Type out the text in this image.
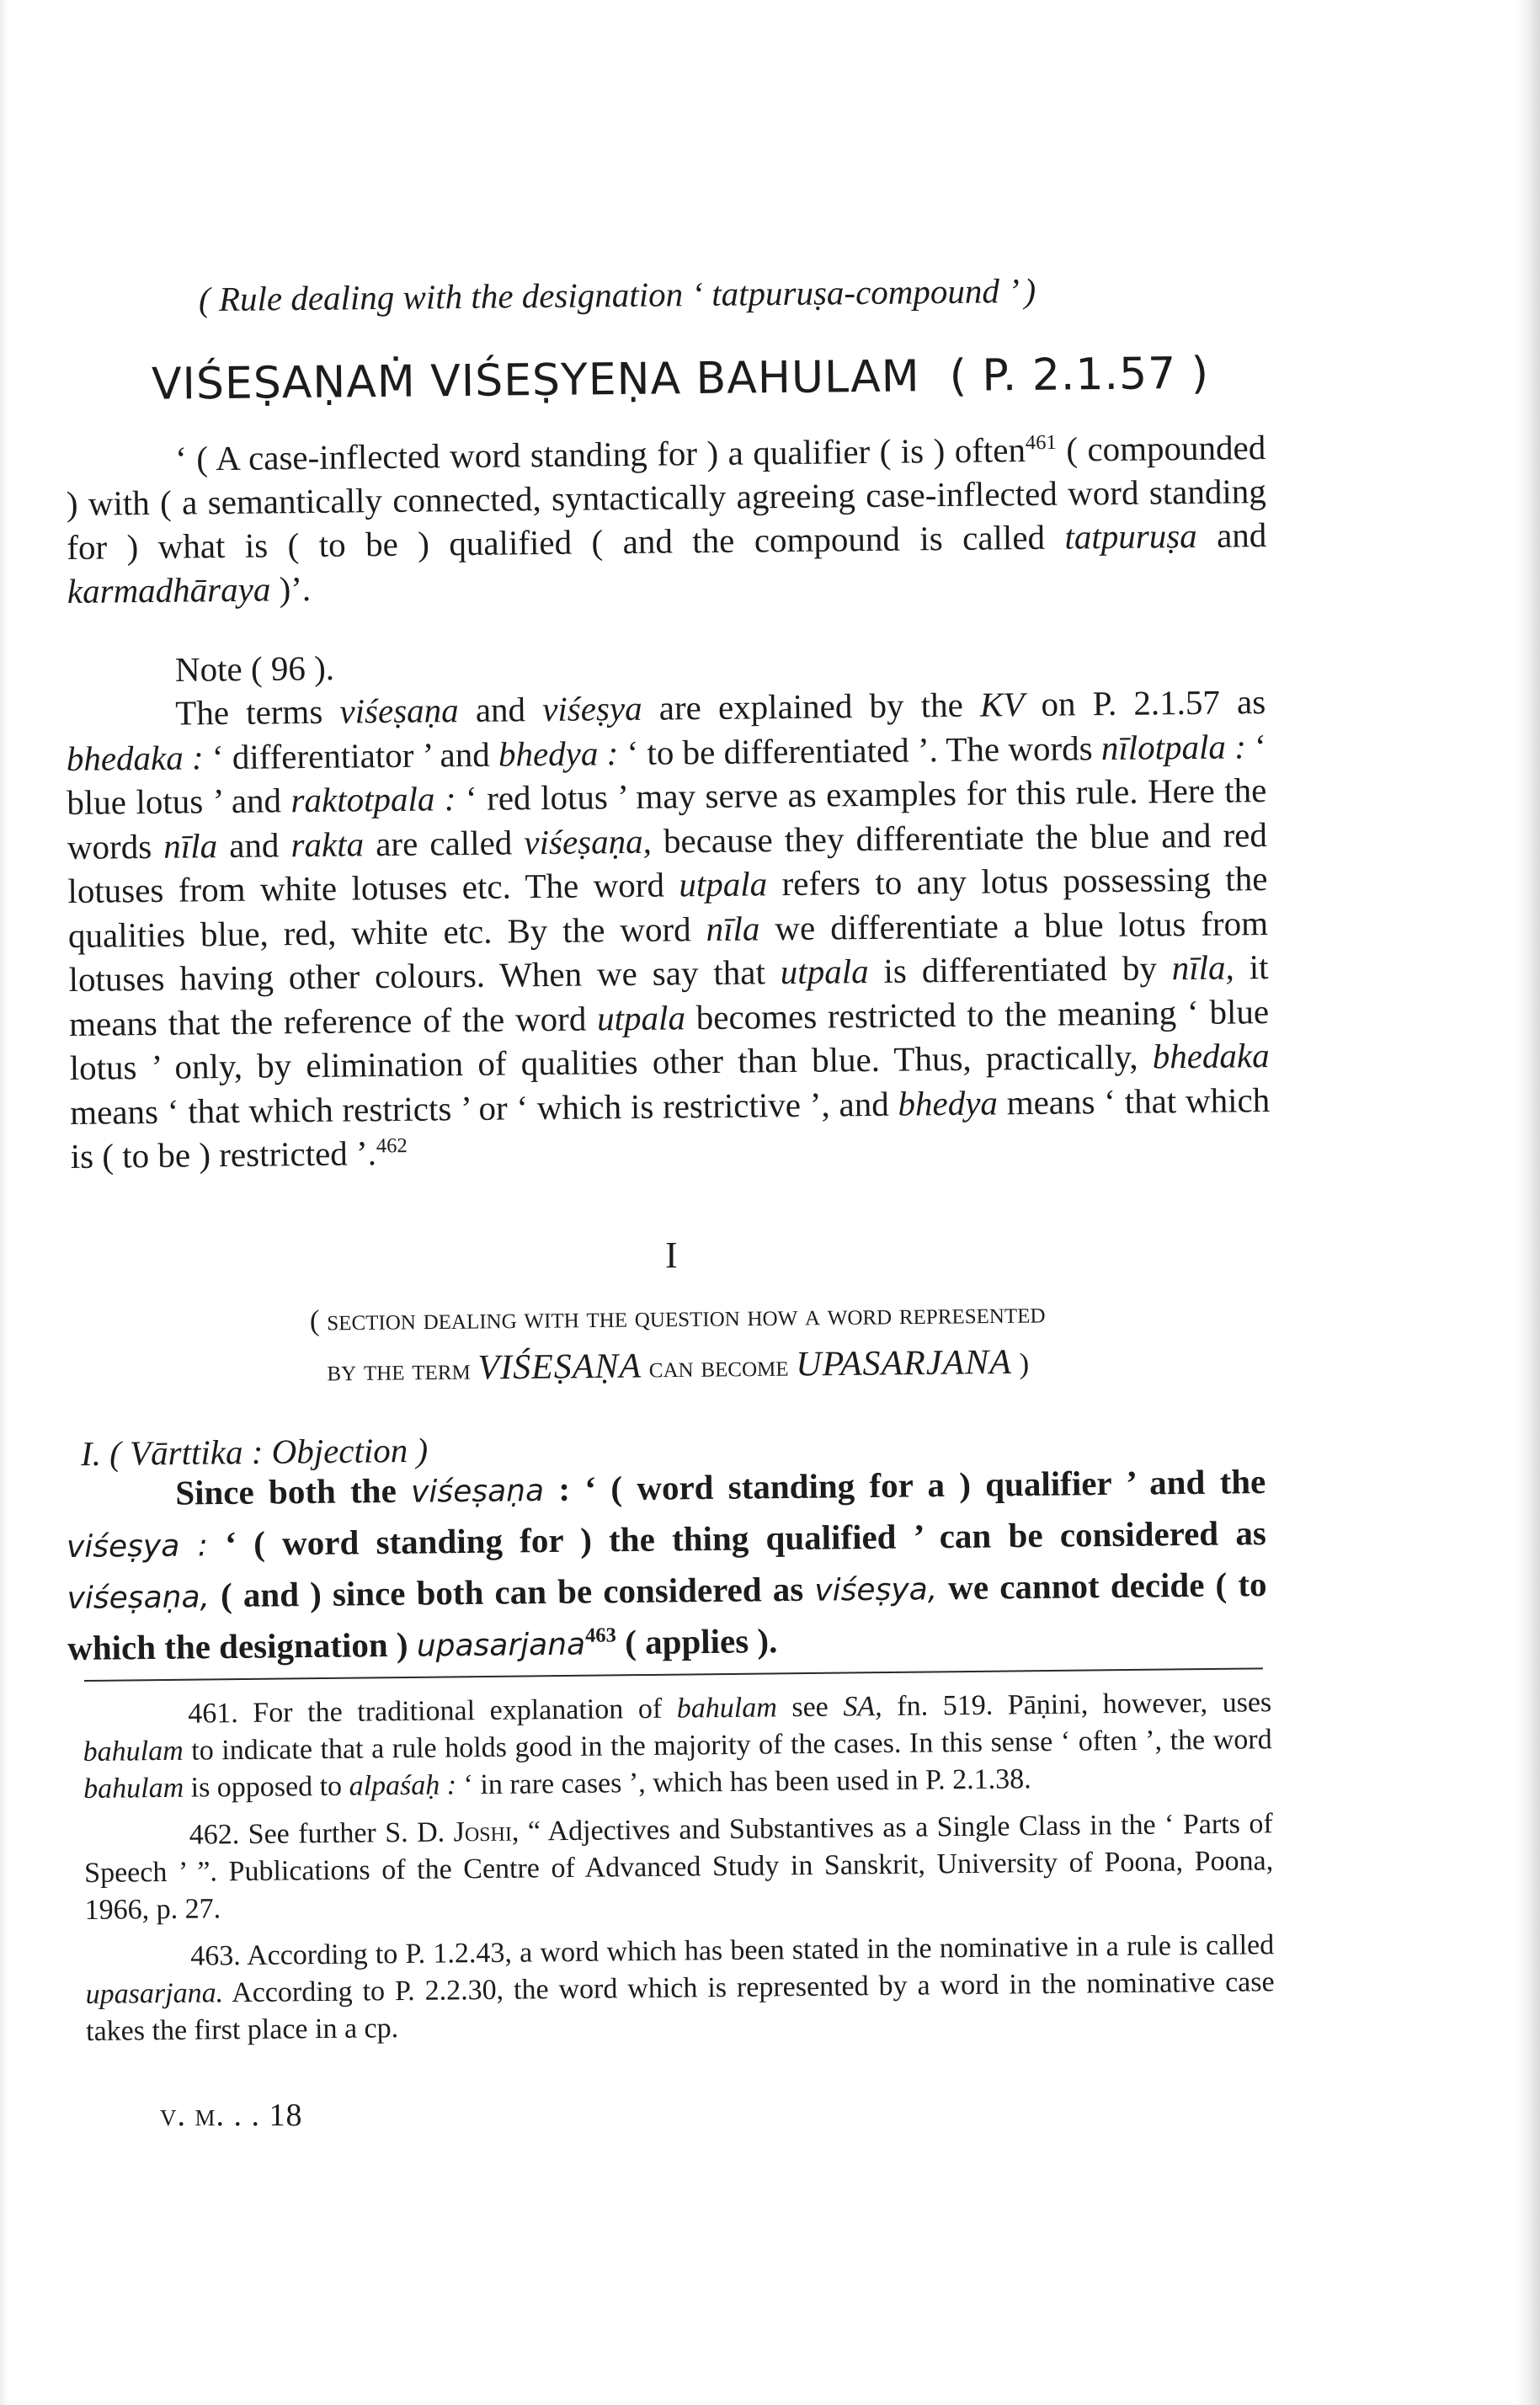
( Rule dealing with the designation ‘ tatpuruṣa-compound ’ )
VIŚEṢAṆAṀ VIŚEṢYEṆA BAHULAM ( P. 2.1.57 )

‘ ( A case-inflected word standing for ) a qualifier ( is ) often$^{461}$ ( compounded ) with ( a semantically connected, syntactically agreeing case-inflected word standing for ) what is ( to be ) qualified ( and the compound is called tatpuruṣa and karmadhāraya )’.

Note ( 96 ).

The terms viśeṣaṇa and viśeṣya are explained by the KV on P. 2.1.57 as bhedaka : ‘ differentiator ’ and bhedya : ‘ to be differentiated ’. The words nīlotpala : ‘ blue lotus ’ and raktotpala : ‘ red lotus ’ may serve as examples for this rule. Here the words nīla and rakta are called viśeṣaṇa, because they differentiate the blue and red lotuses from white lotuses etc. The word utpala refers to any lotus possessing the qualities blue, red, white etc. By the word nīla we differentiate a blue lotus from lotuses having other colours. When we say that utpala is differentiated by nīla, it means that the reference of the word utpala becomes restricted to the meaning ‘ blue lotus ’ only, by elimination of qualities other than blue. Thus, practically, bhedaka means ‘ that which restricts ’ or ‘ which is restrictive ’, and bhedya means ‘ that which is ( to be ) restricted ’.$^{462}$

I
( section dealing with the question how a word represented
by the term VIŚEṢAṆA can become UPASARJANA )
I. ( Vārttika : Objection )

Since both the viśeṣaṇa : ‘ ( word standing for a ) qualifier ’ and the viśeṣya : ‘ ( word standing for ) the thing qualified ’ can be considered as viśeṣaṇa, ( and ) since both can be considered as viśeṣya, we cannot decide ( to which the designation ) upasarjana$^{463}$ ( applies ).

461. For the traditional explanation of bahulam see SA, fn. 519. Pāṇini, however, uses bahulam to indicate that a rule holds good in the majority of the cases. In this sense ‘ often ’, the word bahulam is opposed to alpaśaḥ : ‘ in rare cases ’, which has been used in P. 2.1.38.

462. See further S. D. Joshi, “ Adjectives and Substantives as a Single Class in the ‘ Parts of Speech ’ ”. Publications of the Centre of Advanced Study in Sanskrit, University of Poona, Poona, 1966, p. 27.

463. According to P. 1.2.43, a word which has been stated in the nominative in a rule is called upasarjana. According to P. 2.2.30, the word which is represented by a word in the nominative case takes the first place in a cp.

v. m. . . 18
